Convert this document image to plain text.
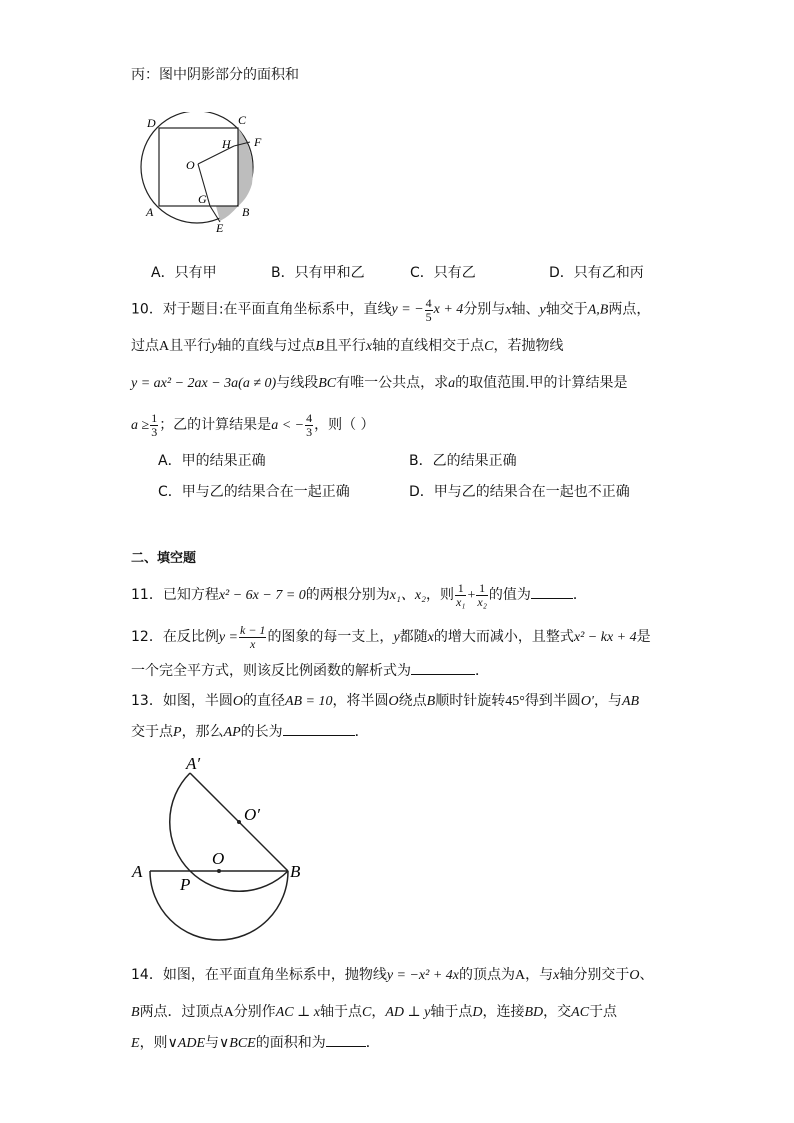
丙：图中阴影部分的面积和
D	C
H F
O
G
A	B
E
A．只有甲	B．只有甲和乙	C．只有乙	D．只有乙和丙
10．对于题目:在平面直角坐标系中，直线y = − $\frac{4}{5}$ x + 4分别与x轴、y轴交于A,B两点，
过点A且平行y轴的直线与过点B且平行x轴的直线相交于点C，若抛物线
y = ax² − 2ax − 3a(a ≠ 0)与线段BC有唯一公共点，求a的取值范围.甲的计算结果是
$a \ge \frac{1}{3}$ ；乙的计算结果是a < − $\frac{4}{3}$ ，则（ ）
A．甲的结果正确	B．乙的结果正确
C．甲与乙的结果合在一起正确	D．甲与乙的结果合在一起也不正确
二、填空题
11．已知方程x² − 6x − 7 = 0的两根分别为x₁、x₂，则 $\frac{1}{\text{x₁}} + \frac{1}{\text{x₂}}$ 的值为	．
12．在反比例$y = \frac{k - 1}{x}$ 的图象的每一支上，y都随x的增大而减小，且整式x² − kx + 4是
一个完全平方式，则该反比例函数的解析式为	．
13．如图，半圆O的直径AB = 10，将半圆O绕点B顺时针旋转45°得到半圆O′，与AB
交于点P，那么AP的长为	．
A′
O′
O
A
P
B
14．如图，在平面直角坐标系中，抛物线y = −x² + 4x的顶点为A，与x轴分别交于O、
B两点．过顶点A分别作AC ⊥ x轴于点C，AD ⊥ y轴于点D，连接BD，交AC于点
E，则∨ADE与∨BCE的面积和为	．
